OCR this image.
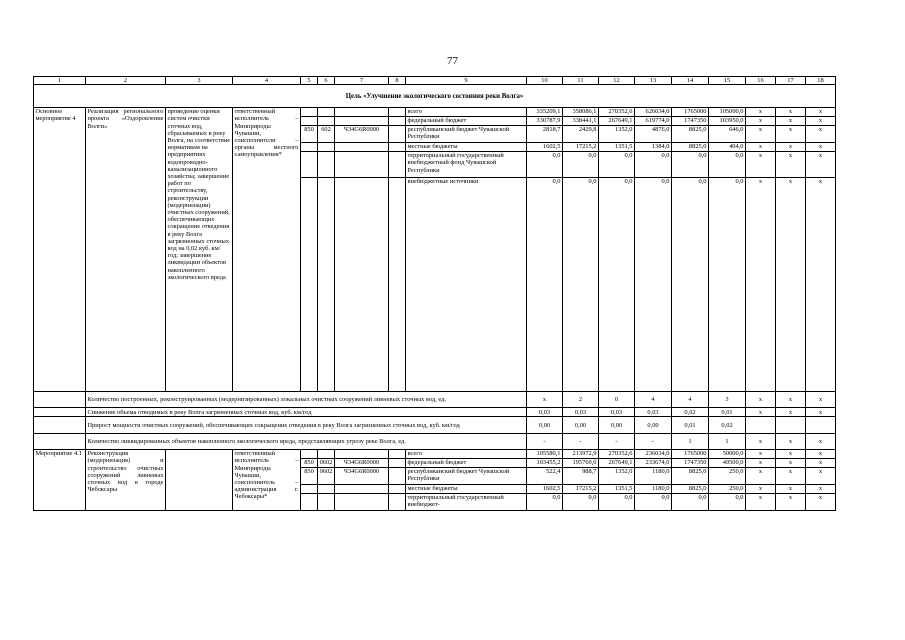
77
1	2	3	4	5	6	7	8	9	10	11	12	13	14	15	16	17	18
Цель «Улучшение экологического состояния реки Волга»																	
Основное мероприятие 4	Реализация регионального проекта «Оздоровление Волги»	проведение оценки систем очистки сточных вод, сбрасываемых в реку Волга, на соответствие нормативам на предприятиях водопроводно-канализационного хозяйства; завершение работ по строительству, реконструкции (модернизации) очистных сооружений, обеспечивающих сокращение отведения в реку Волга загрязненных сточных вод на 0,02 куб. км/год; завершение ликвидации объектов накопленного экологического вреда	ответственный исполнитель – Минприроды Чувашии, соисполнители – органы местного самоуправления*					всего	335209,1	358086,1	270352,6	626034,0	1765000	105000,0	x	x	x
								федеральный бюджет	330787,9	338441,1	267649,1	619774,0	1747350	103950,0	x	x	x
				850	602	Ч34G6R0000		республиканский бюджет Чувашской Республики	2818,7	2429,8	1352,0	4876,0	8825,0	646,0	x	x	x
								местные бюджеты	1602,5	17215,2	1351,5	1384,0	8825,0	404,0	x	x	x
								территориальный государственный внебюджетный фонд Чувашской Республики	0,0	0,0	0,0	0,0	0,0	0,0	x	x	x
								внебюджетные источники	0,0	0,0	0,0	0,0	0,0	0,0	x	x	x
	Количество построенных, реконструированных (модернизированных) локальных очистных сооружений ливневых сточных вод, ед.								x	2	0	4	4	3	x	x	x
	Снижение объема отводимых в реку Волга загрязненных сточных вод, куб. км/год								0,03	0,03	0,03	0,03	0,02	0,01	x	x	x
	Прирост мощности очистных сооружений, обеспечивающих сокращение отведения в реку Волга загрязненных сточных вод, куб. км/год								0,00	0,00	0,00	0,00	0,01	0,02			
	Количество ликвидированных объектов накопленного экологического вреда, представляющих угрозу реке Волга, ед.								-	-	-	-	1	1	x	x	x
Мероприятие 4.1	Реконструкция (модернизация) и строительство очистных сооружений ливневых сточных вод в городе Чебоксары		ответственный исполнитель – Минприроды Чувашии, соисполнитель – администрация г. Чебоксары*					всего	105580,1	213972,9	270352,6	236034,0	1765000	50000,0	x	x	x
				850	0602	Ч34G6R0000		федеральный бюджет	103455,2	195769,0	267649,1	233674,0	1747350	49500,0	x	x	x
				850	0602	Ч34G6R0000		республиканский бюджет Чувашской Республики	522,4	988,7	1352,0	1180,0	8825,0	250,0	x	x	x
								местные бюджеты	1602,5	17215,2	1351,5	1180,0	8825,0	250,0	x	x	x
								территориальный государственный внебюджет-	0,0	0,0	0,0	0,0	0,0	0,0	x	x	x
